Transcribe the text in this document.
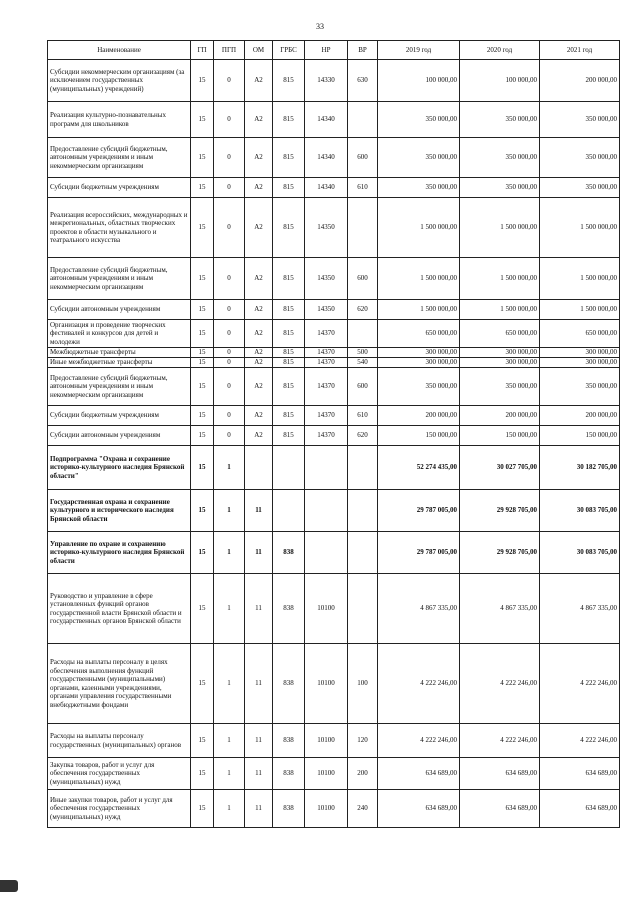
33
Наименование	ГП	ПГП	ОМ	ГРБС	НР	ВР	2019 год	2020 год	2021 год
Субсидии некоммерческим организациям (за исключением государственных (муниципальных) учреждений)	15	0	А2	815	14330	630	100 000,00	100 000,00	200 000,00
Реализация культурно-познавательных программ для школьников	15	0	А2	815	14340		350 000,00	350 000,00	350 000,00
Предоставление субсидий бюджетным, автономным учреждениям и иным некоммерческим организациям	15	0	А2	815	14340	600	350 000,00	350 000,00	350 000,00
Субсидии бюджетным учреждениям	15	0	А2	815	14340	610	350 000,00	350 000,00	350 000,00
Реализация всероссийских, международных и межрегиональных, областных творческих проектов в области музыкального и театрального искусства	15	0	А2	815	14350		1 500 000,00	1 500 000,00	1 500 000,00
Предоставление субсидий бюджетным, автономным учреждениям и иным некоммерческим организациям	15	0	А2	815	14350	600	1 500 000,00	1 500 000,00	1 500 000,00
Субсидии автономным учреждениям	15	0	А2	815	14350	620	1 500 000,00	1 500 000,00	1 500 000,00
Организация и проведение творческих фестивалей и конкурсов для детей и молодежи	15	0	А2	815	14370		650 000,00	650 000,00	650 000,00
Межбюджетные трансферты	15	0	А2	815	14370	500	300 000,00	300 000,00	300 000,00
Иные межбюджетные трансферты	15	0	А2	815	14370	540	300 000,00	300 000,00	300 000,00
Предоставление субсидий бюджетным, автономным учреждениям и иным некоммерческим организациям	15	0	А2	815	14370	600	350 000,00	350 000,00	350 000,00
Субсидии бюджетным учреждениям	15	0	А2	815	14370	610	200 000,00	200 000,00	200 000,00
Субсидии автономным учреждениям	15	0	А2	815	14370	620	150 000,00	150 000,00	150 000,00
Подпрограмма "Охрана и сохранение историко-культурного наследия Брянской области"	15	1					52 274 435,00	30 027 705,00	30 182 705,00
Государственная охрана и сохранение культурного и исторического наследия Брянской области	15	1	11				29 787 005,00	29 928 705,00	30 083 705,00
Управление по охране и сохранению историко-культурного наследия Брянской области	15	1	11	838			29 787 005,00	29 928 705,00	30 083 705,00
Руководство и управление в сфере установленных функций органов государственной власти Брянской области и государственных органов Брянской области	15	1	11	838	10100		4 867 335,00	4 867 335,00	4 867 335,00
Расходы на выплаты персоналу в целях обеспечения выполнения функций государственными (муниципальными) органами, казенными учреждениями, органами управления государственными внебюджетными фондами	15	1	11	838	10100	100	4 222 246,00	4 222 246,00	4 222 246,00
Расходы на выплаты персоналу государственных (муниципальных) органов	15	1	11	838	10100	120	4 222 246,00	4 222 246,00	4 222 246,00
Закупка товаров, работ и услуг для обеспечения государственных (муниципальных) нужд	15	1	11	838	10100	200	634 689,00	634 689,00	634 689,00
Иные закупки товаров, работ и услуг для обеспечения государственных (муниципальных) нужд	15	1	11	838	10100	240	634 689,00	634 689,00	634 689,00
